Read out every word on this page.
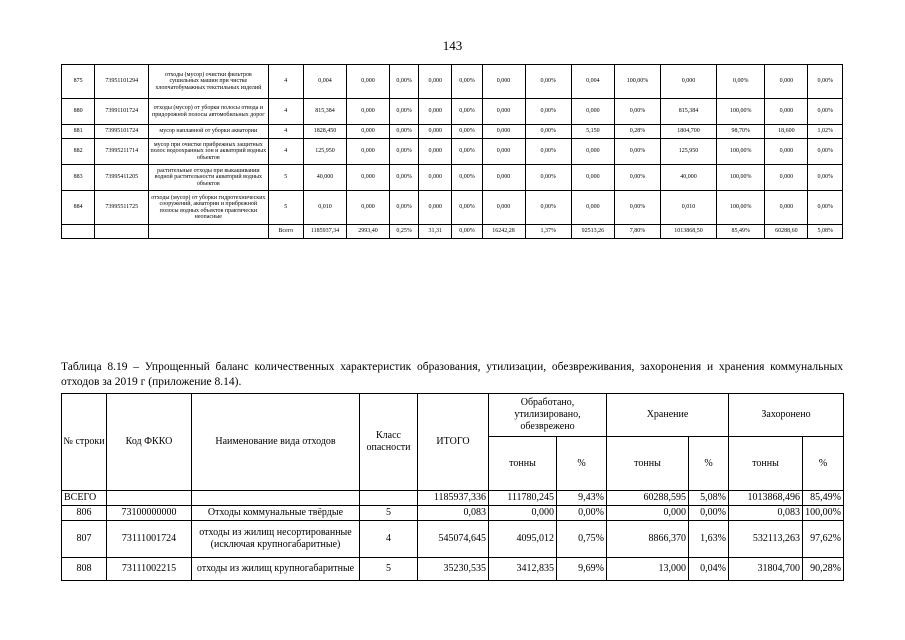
143
875	73951101294	отходы (мусор) очистки фильтров сушильных машин при чистке хлопчатобумажных текстильных изделий	4	0,004	0,000	0,00%	0,000	0,00%	0,000	0,00%	0,004	100,00%	0,000	0,00%	0,000	0,00%
880	73991101724	отходы (мусор) от уборки полосы отвода и придорожной полосы автомобильных дорог	4	815,384	0,000	0,00%	0,000	0,00%	0,000	0,00%	0,000	0,00%	815,384	100,00%	0,000	0,00%
881	73995101724	мусор наплавной от уборки акватории	4	1828,450	0,000	0,00%	0,000	0,00%	0,000	0,00%	5,150	0,28%	1804,700	98,70%	18,600	1,02%
882	73995211714	мусор при очистке прибрежных защитных полос водоохранных зон и акваторий водных объектов	4	125,950	0,000	0,00%	0,000	0,00%	0,000	0,00%	0,000	0,00%	125,950	100,00%	0,000	0,00%
883	73995411205	растительные отходы при выкашивании водной растительности акваторий водных объектов	5	40,000	0,000	0,00%	0,000	0,00%	0,000	0,00%	0,000	0,00%	40,000	100,00%	0,000	0,00%
884	73995511725	отходы (мусор) от уборки гидротехнических сооружений, акватории и прибрежной полосы водных объектов практически неопасные	5	0,010	0,000	0,00%	0,000	0,00%	0,000	0,00%	0,000	0,00%	0,010	100,00%	0,000	0,00%
			Всего	1185937,34	2993,40	0,25%	31,31	0,00%	16242,28	1,37%	92513,26	7,80%	1013868,50	85,49%	60288,60	5,08%
Таблица 8.19 – Упрощенный баланс количественных характеристик образования, утилизации, обезвреживания, захоронения и хранения коммунальных отходов за 2019 г (приложение 8.14).
№ строки	Код ФККО	Наименование вида отходов	Класс опасности	ИТОГО	Обработано, утилизировано, обезврежено		Хранение		Захоронено	
					тонны	%	тонны	%	тонны	%
ВСЕГО				1185937,336	111780,245	9,43%	60288,595	5,08%	1013868,496	85,49%
806	73100000000	Отходы коммунальные твёрдые	5	0,083	0,000	0,00%	0,000	0,00%	0,083	100,00%
807	73111001724	отходы из жилищ несортированные (исключая крупногабаритные)	4	545074,645	4095,012	0,75%	8866,370	1,63%	532113,263	97,62%
808	73111002215	отходы из жилищ крупногабаритные	5	35230,535	3412,835	9,69%	13,000	0,04%	31804,700	90,28%
